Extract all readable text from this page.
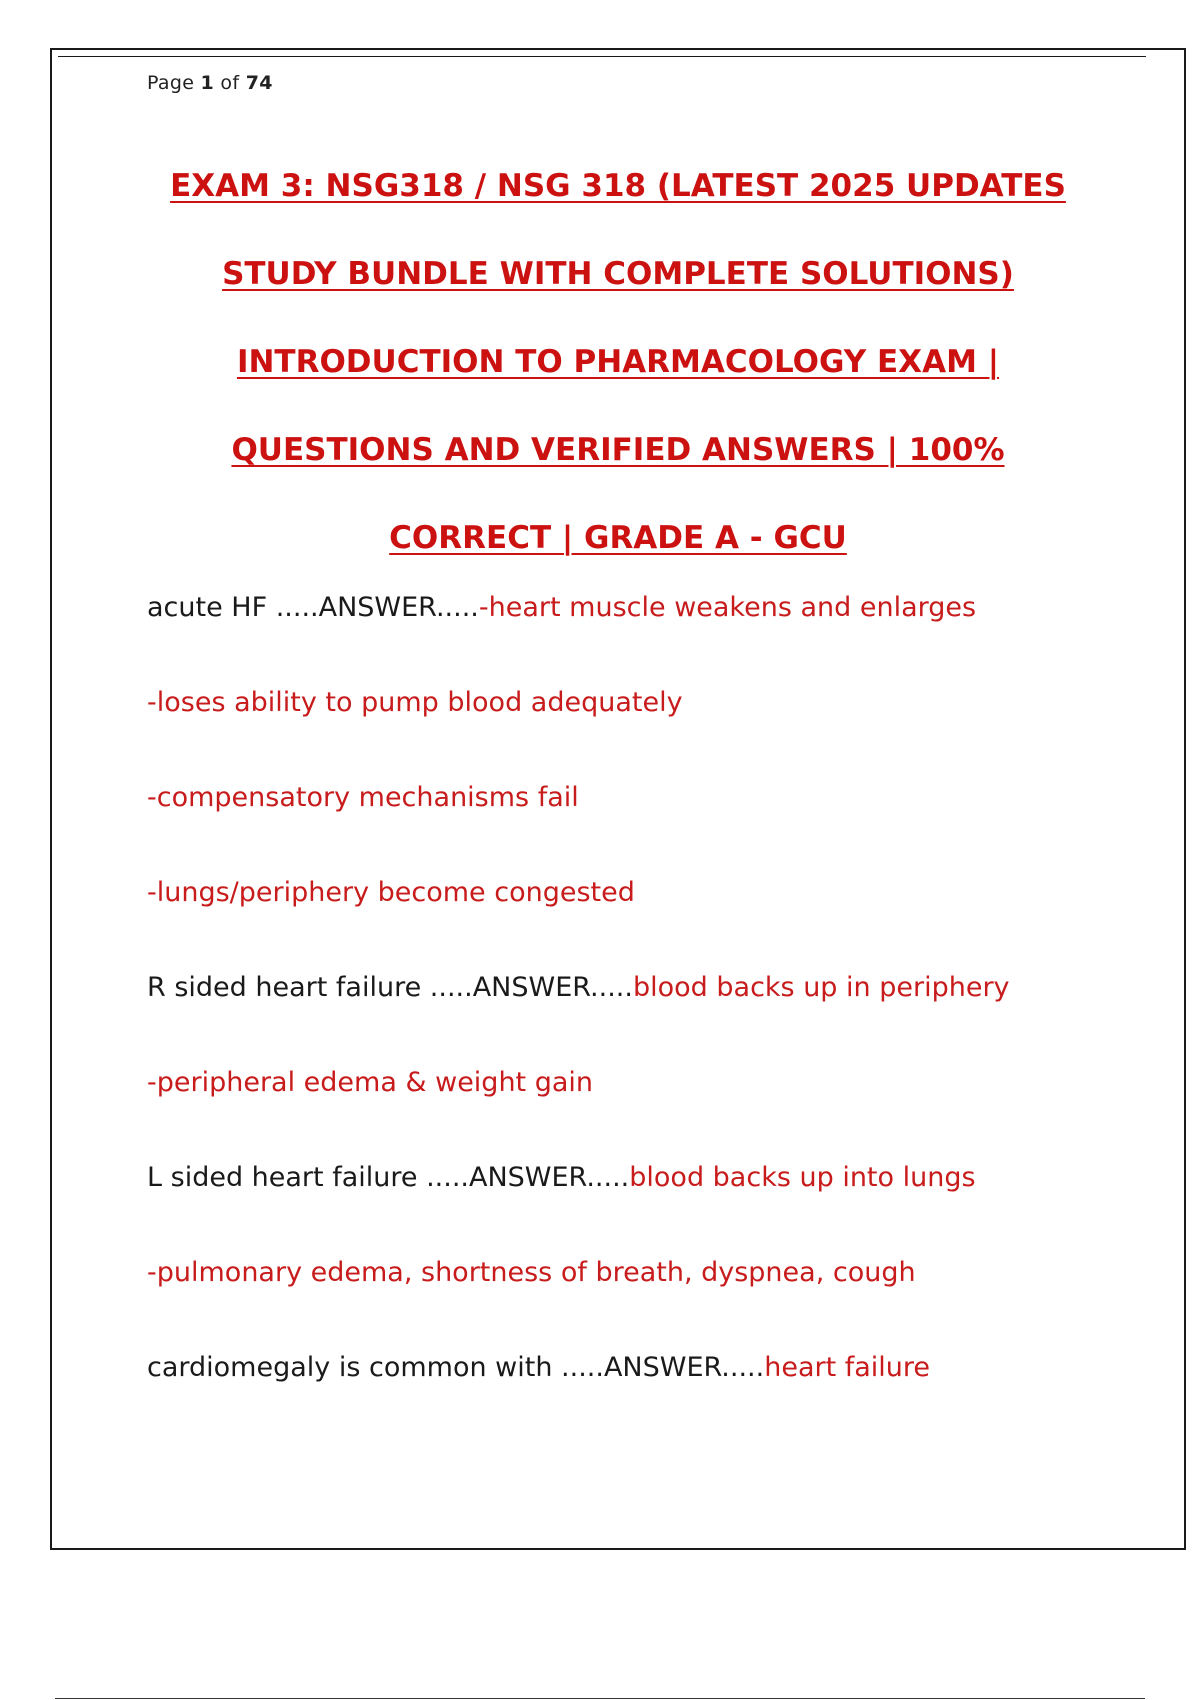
Page 1 of 74
EXAM 3: NSG318 / NSG 318 (LATEST 2025 UPDATES
STUDY BUNDLE WITH COMPLETE SOLUTIONS)
INTRODUCTION TO PHARMACOLOGY EXAM |
QUESTIONS AND VERIFIED ANSWERS | 100%
CORRECT | GRADE A - GCU
acute HF .....ANSWER.....-heart muscle weakens and enlarges
-loses ability to pump blood adequately
-compensatory mechanisms fail
-lungs/periphery become congested
R sided heart failure .....ANSWER.....blood backs up in periphery
-peripheral edema & weight gain
L sided heart failure .....ANSWER.....blood backs up into lungs
-pulmonary edema, shortness of breath, dyspnea, cough
cardiomegaly is common with .....ANSWER.....heart failure
